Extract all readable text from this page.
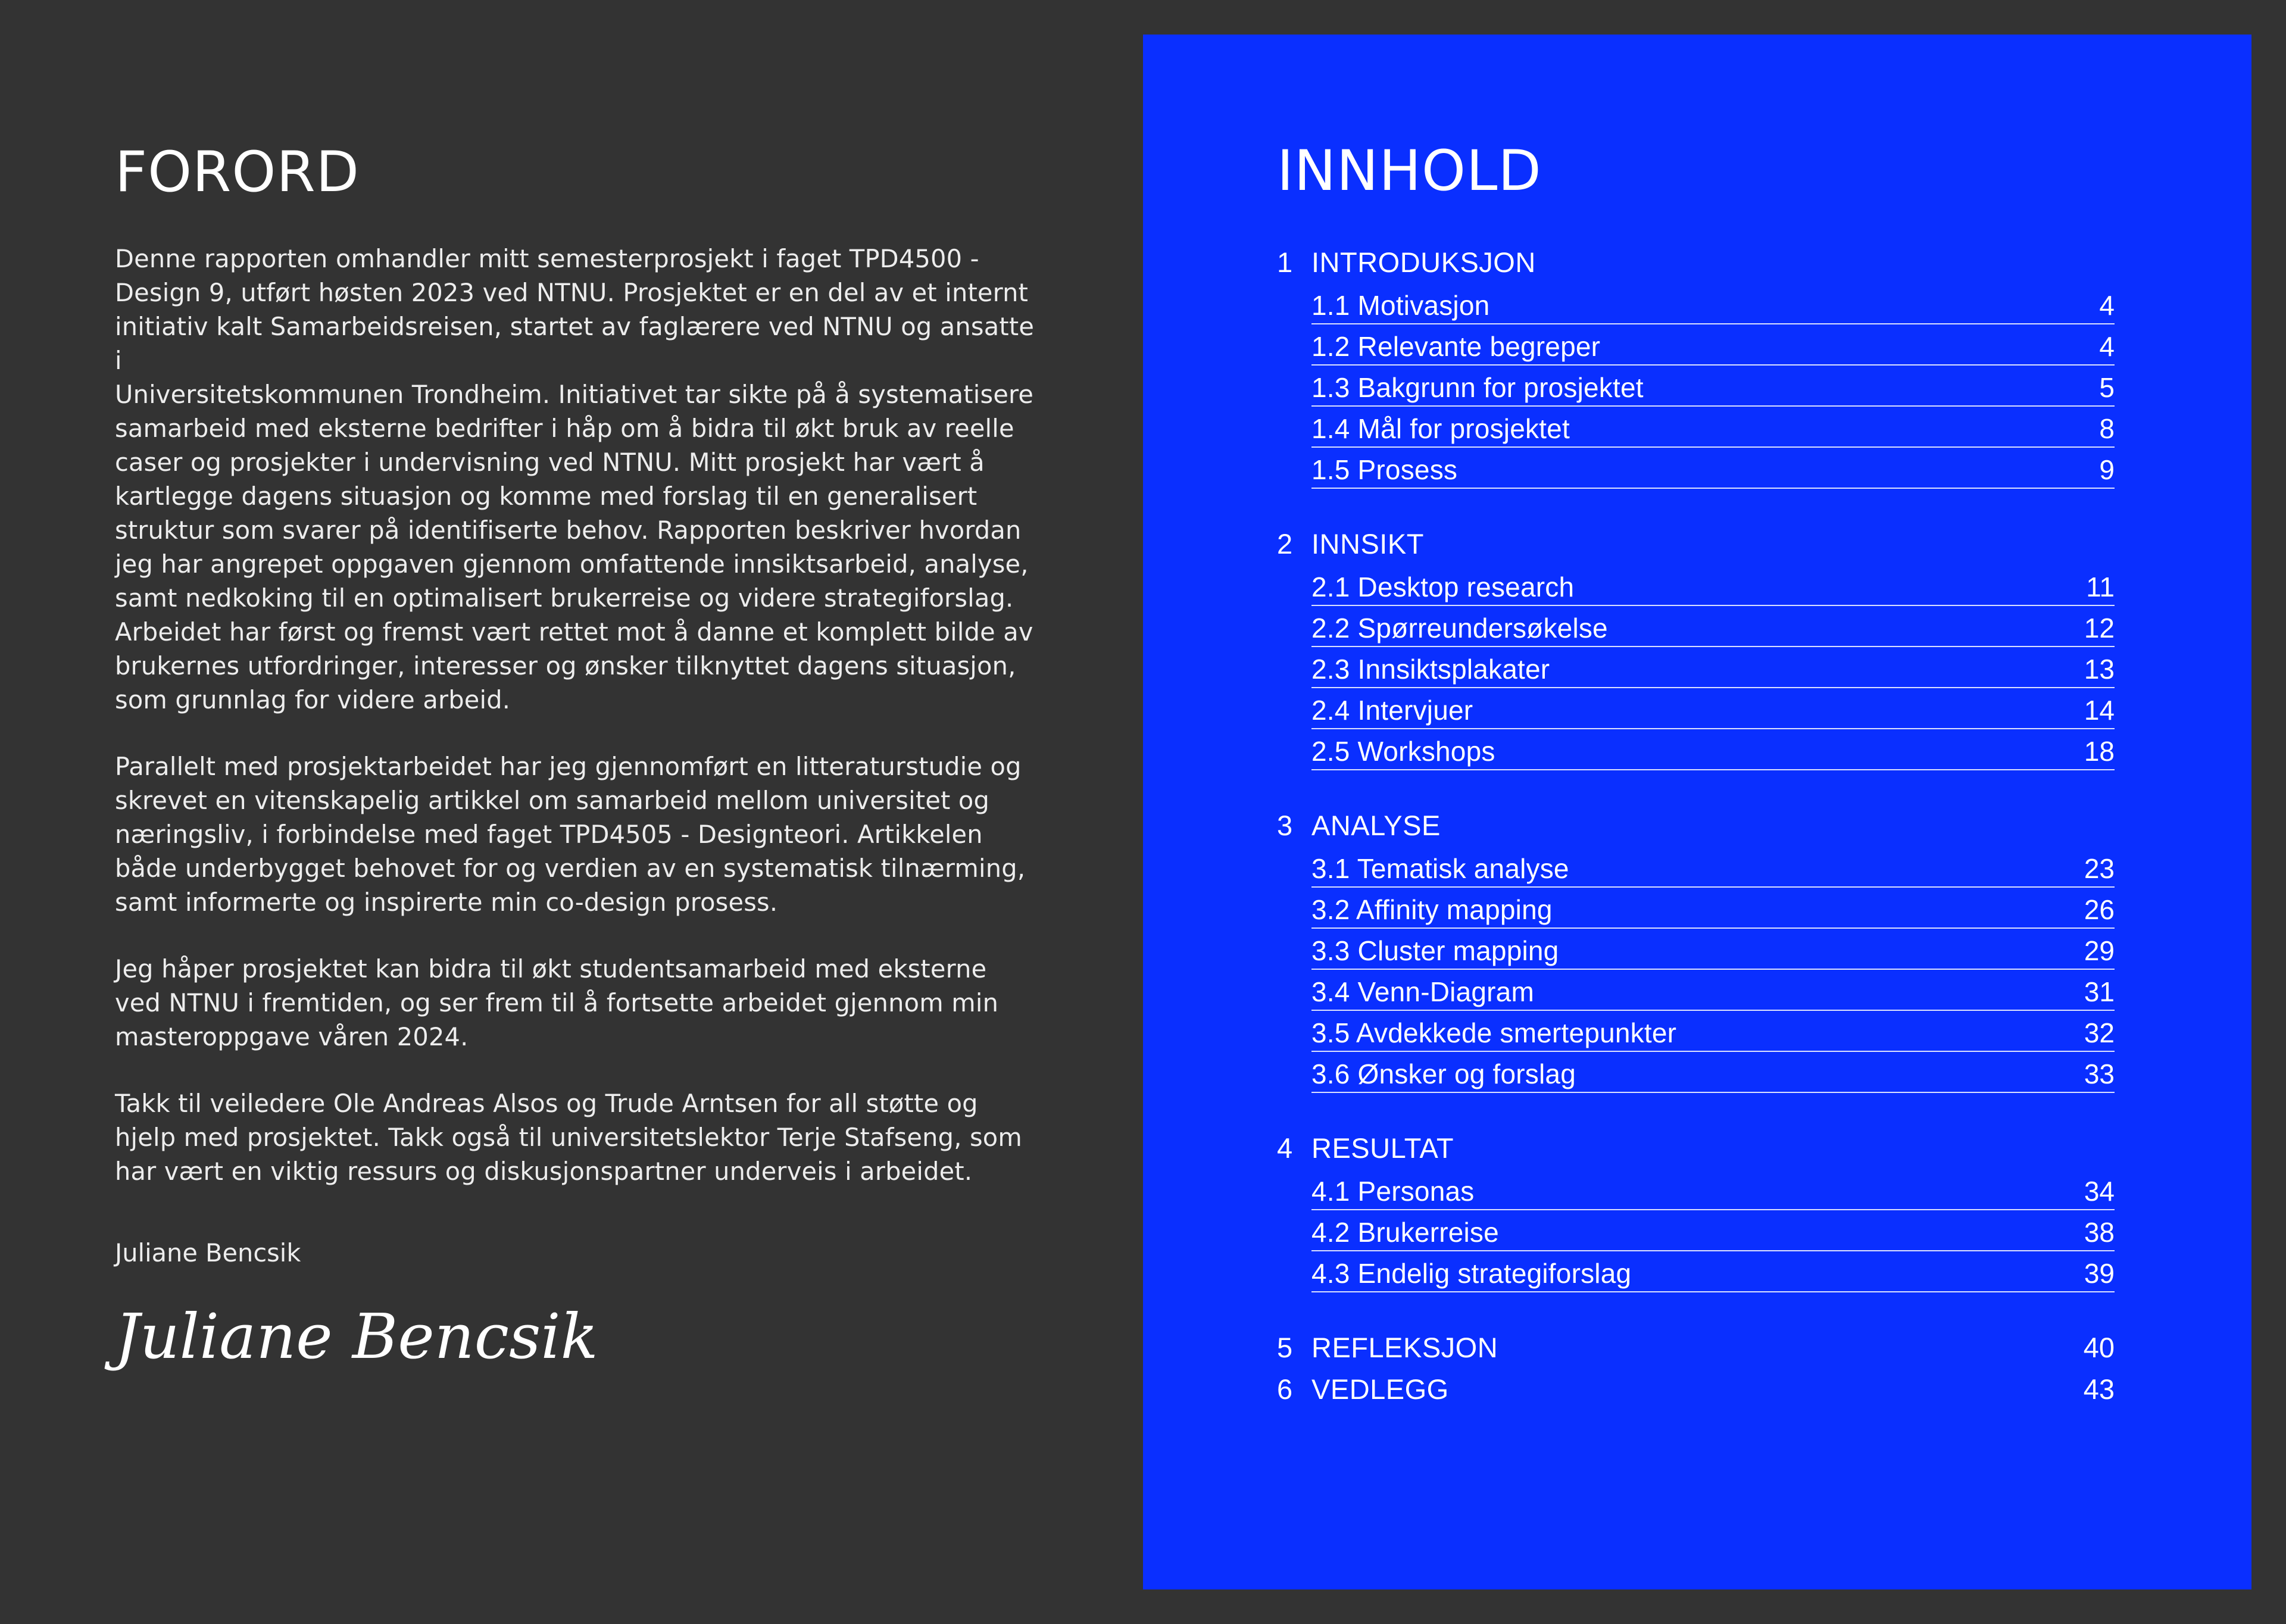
FORORD

Denne rapporten omhandler mitt semesterprosjekt i faget TPD4500 -
Design 9, utført høsten 2023 ved NTNU. Prosjektet er en del av et internt
initiativ kalt Samarbeidsreisen, startet av faglærere ved NTNU og ansatte i
Universitetskommunen Trondheim. Initiativet tar sikte på å systematisere
samarbeid med eksterne bedrifter i håp om å bidra til økt bruk av reelle
caser og prosjekter i undervisning ved NTNU. Mitt prosjekt har vært å
kartlegge dagens situasjon og komme med forslag til en generalisert
struktur som svarer på identifiserte behov. Rapporten beskriver hvordan
jeg har angrepet oppgaven gjennom omfattende innsiktsarbeid, analyse,
samt nedkoking til en optimalisert brukerreise og videre strategiforslag.
Arbeidet har først og fremst vært rettet mot å danne et komplett bilde av
brukernes utfordringer, interesser og ønsker tilknyttet dagens situasjon,
som grunnlag for videre arbeid.

Parallelt med prosjektarbeidet har jeg gjennomført en litteraturstudie og
skrevet en vitenskapelig artikkel om samarbeid mellom universitet og
næringsliv, i forbindelse med faget TPD4505 - Designteori. Artikkelen
både underbygget behovet for og verdien av en systematisk tilnærming,
samt informerte og inspirerte min co-design prosess.

Jeg håper prosjektet kan bidra til økt studentsamarbeid med eksterne
ved NTNU i fremtiden, og ser frem til å fortsette arbeidet gjennom min
masteroppgave våren 2024.

Takk til veiledere Ole Andreas Alsos og Trude Arntsen for all støtte og
hjelp med prosjektet. Takk også til universitetslektor Terje Stafseng, som
har vært en viktig ressurs og diskusjonspartner underveis i arbeidet.

Juliane Bencsik
Juliane Bencsik
INNHOLD
1 INTRODUKSJON
1.1 Motivasjon	4
1.2 Relevante begreper	4
1.3 Bakgrunn for prosjektet	5
1.4 Mål for prosjektet	8
1.5 Prosess	9
2 INNSIKT
2.1 Desktop research	11
2.2 Spørreundersøkelse	12
2.3 Innsiktsplakater	13
2.4 Intervjuer	14
2.5 Workshops	18
3 ANALYSE
3.1 Tematisk analyse	23
3.2 Affinity mapping	26
3.3 Cluster mapping	29
3.4 Venn-Diagram	31
3.5 Avdekkede smertepunkter	32
3.6 Ønsker og forslag	33
4 RESULTAT
4.1 Personas	34
4.2 Brukerreise	38
4.3 Endelig strategiforslag	39
5 REFLEKSJON	40
6 VEDLEGG	43
